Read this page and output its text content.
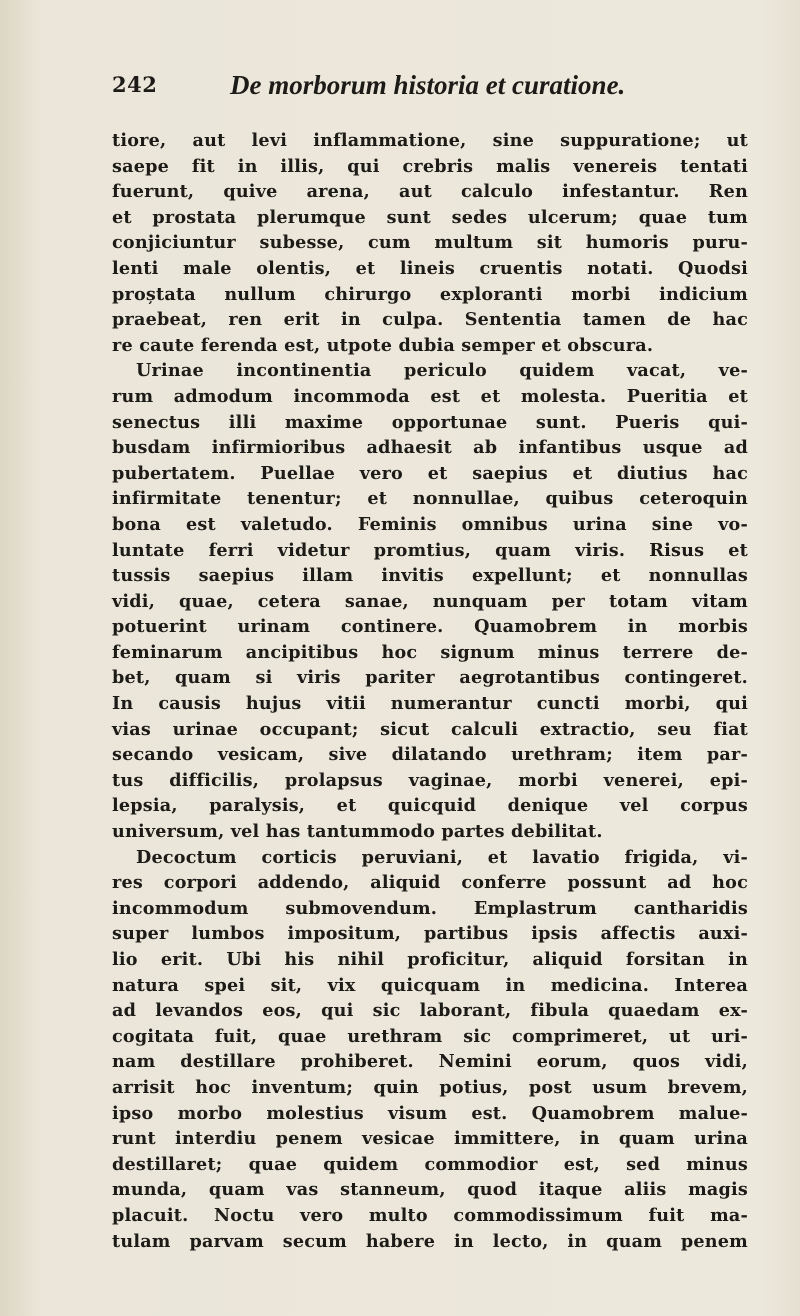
242	De morborum historia et curatione.
tiore, aut levi inflammatione, sine suppuratione; ut
saepe fit in illis, qui crebris malis venereis tentati
fuerunt, quive arena, aut calculo infestantur. Ren
et prostata plerumque sunt sedes ulcerum; quae tum
conjiciuntur subesse, cum multum sit humoris puru-
lenti male olentis, et lineis cruentis notati. Quodsi
proștata nullum chirurgo exploranti morbi indicium
praebeat, ren erit in culpa. Sententia tamen de hac
re caute ferenda est, utpote dubia semper et obscura.
Urinae incontinentia periculo quidem vacat, ve-
rum admodum incommoda est et molesta. Pueritia et
senectus illi maxime opportunae sunt. Pueris qui-
busdam infirmioribus adhaesit ab infantibus usque ad
pubertatem. Puellae vero et saepius et diutius hac
infirmitate tenentur; et nonnullae, quibus ceteroquin
bona est valetudo. Feminis omnibus urina sine vo-
luntate ferri videtur promtius, quam viris. Risus et
tussis saepius illam invitis expellunt; et nonnullas
vidi, quae, cetera sanae, nunquam per totam vitam
potuerint urinam continere. Quamobrem in morbis
feminarum ancipitibus hoc signum minus terrere de-
bet, quam si viris pariter aegrotantibus contingeret.
In causis hujus vitii numerantur cuncti morbi, qui
vias urinae occupant; sicut calculi extractio, seu fiat
secando vesicam, sive dilatando urethram; item par-
tus difficilis, prolapsus vaginae, morbi venerei, epi-
lepsia, paralysis, et quicquid denique vel corpus
universum, vel has tantummodo partes debilitat.
Decoctum corticis peruviani, et lavatio frigida, vi-
res corpori addendo, aliquid conferre possunt ad hoc
incommodum submovendum. Emplastrum cantharidis
super lumbos impositum, partibus ipsis affectis auxi-
lio erit. Ubi his nihil proficitur, aliquid forsitan in
natura spei sit, vix quicquam in medicina. Interea
ad levandos eos, qui sic laborant, fibula quaedam ex-
cogitata fuit, quae urethram sic comprimeret, ut uri-
nam destillare prohiberet. Nemini eorum, quos vidi,
arrisit hoc inventum; quin potius, post usum brevem,
ipso morbo molestius visum est. Quamobrem malue-
runt interdiu penem vesicae immittere, in quam urina
destillaret; quae quidem commodior est, sed minus
munda, quam vas stanneum, quod itaque aliis magis
placuit. Noctu vero multo commodissimum fuit ma-
tulam parvam secum habere in lecto, in quam penem
